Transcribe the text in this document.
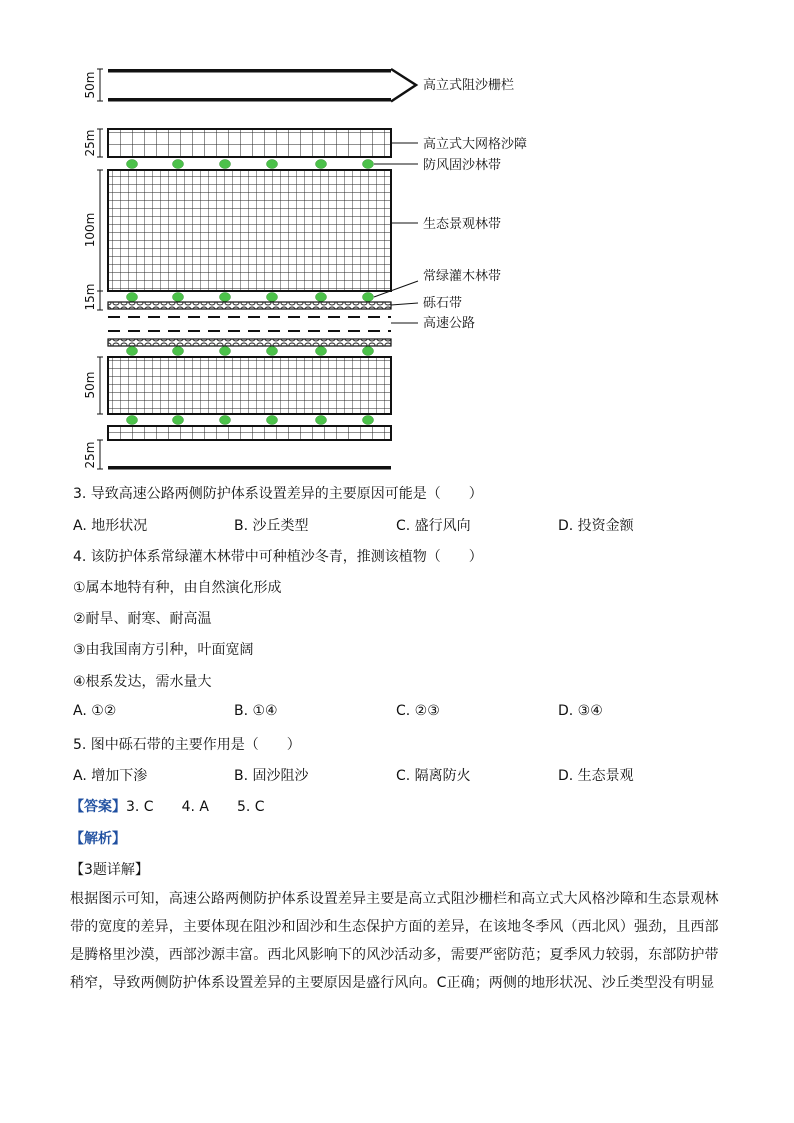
50m
25m
100m
15m
50m
25m
高立式阻沙栅栏
高立式大网格沙障
防风固沙林带
生态景观林带
常绿灌木林带
砾石带
高速公路
3. 导致高速公路两侧防护体系设置差异的主要原因可能是（　　）
A. 地形状况	B. 沙丘类型	C. 盛行风向	D. 投资金额
4. 该防护体系常绿灌木林带中可种植沙冬青，推测该植物（　　）
①属本地特有种，由自然演化形成
②耐旱、耐寒、耐高温
③由我国南方引种，叶面宽阔
④根系发达，需水量大
A. ①②	B. ①④	C. ②③	D. ③④
5. 图中砾石带的主要作用是（　　）
A. 增加下渗	B. 固沙阻沙	C. 隔离防火	D. 生态景观
【答案】3. C　　4. A　　5. C
【解析】
【3题详解】
根据图示可知，高速公路两侧防护体系设置差异主要是高立式阻沙栅栏和高立式大风格沙障和生态景观林
带的宽度的差异，主要体现在阻沙和固沙和生态保护方面的差异，在该地冬季风（西北风）强劲，且西部
是腾格里沙漠，西部沙源丰富。西北风影响下的风沙活动多，需要严密防范；夏季风力较弱，东部防护带
稍窄，导致两侧防护体系设置差异的主要原因是盛行风向。C正确；两侧的地形状况、沙丘类型没有明显
